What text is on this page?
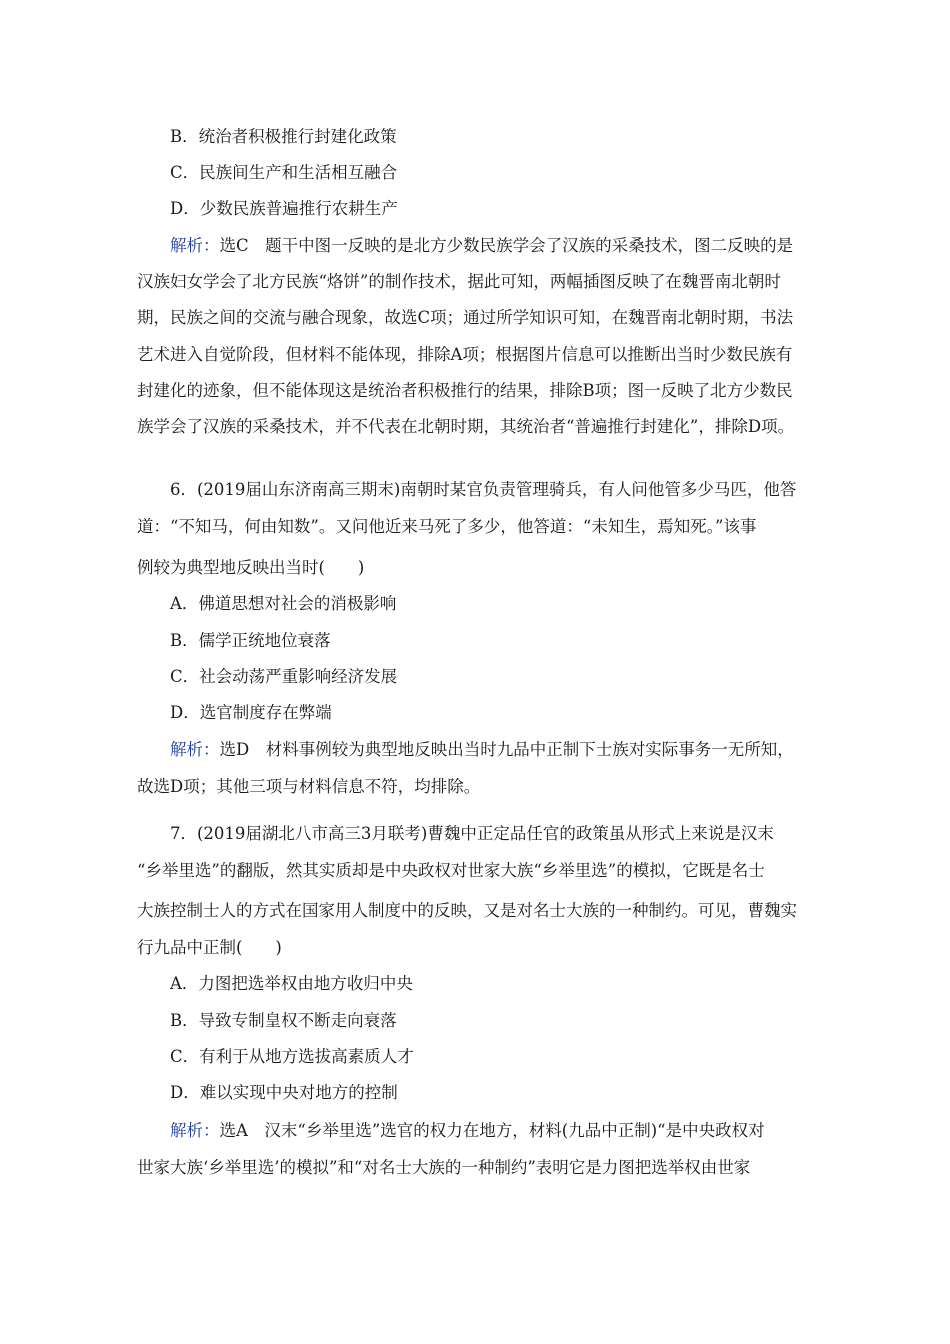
B．统治者积极推行封建化政策
C．民族间生产和生活相互融合
D．少数民族普遍推行农耕生产
解析：选C　题干中图一反映的是北方少数民族学会了汉族的采桑技术，图二反映的是
汉族妇女学会了北方民族“烙饼”的制作技术，据此可知，两幅插图反映了在魏晋南北朝时
期，民族之间的交流与融合现象，故选C项；通过所学知识可知，在魏晋南北朝时期，书法
艺术进入自觉阶段，但材料不能体现，排除A项；根据图片信息可以推断出当时少数民族有
封建化的迹象，但不能体现这是统治者积极推行的结果，排除B项；图一反映了北方少数民
族学会了汉族的采桑技术，并不代表在北朝时期，其统治者“普遍推行封建化”，排除D项。
6．(2019届山东济南高三期末)南朝时某官负责管理骑兵，有人问他管多少马匹，他答
道：“不知马，何由知数”。又问他近来马死了多少，他答道：“未知生，焉知死。”该事
例较为典型地反映出当时(　　)
A．佛道思想对社会的消极影响
B．儒学正统地位衰落
C．社会动荡严重影响经济发展
D．选官制度存在弊端
解析：选D　材料事例较为典型地反映出当时九品中正制下士族对实际事务一无所知，
故选D项；其他三项与材料信息不符，均排除。
7．(2019届湖北八市高三3月联考)曹魏中正定品任官的政策虽从形式上来说是汉末
“乡举里选”的翻版，然其实质却是中央政权对世家大族“乡举里选”的模拟，它既是名士
大族控制士人的方式在国家用人制度中的反映，又是对名士大族的一种制约。可见，曹魏实
行九品中正制(　　)
A．力图把选举权由地方收归中央
B．导致专制皇权不断走向衰落
C．有利于从地方选拔高素质人才
D．难以实现中央对地方的控制
解析：选A　汉末“乡举里选”选官的权力在地方，材料(九品中正制)“是中央政权对
世家大族‘乡举里选’的模拟”和“对名士大族的一种制约”表明它是力图把选举权由世家
